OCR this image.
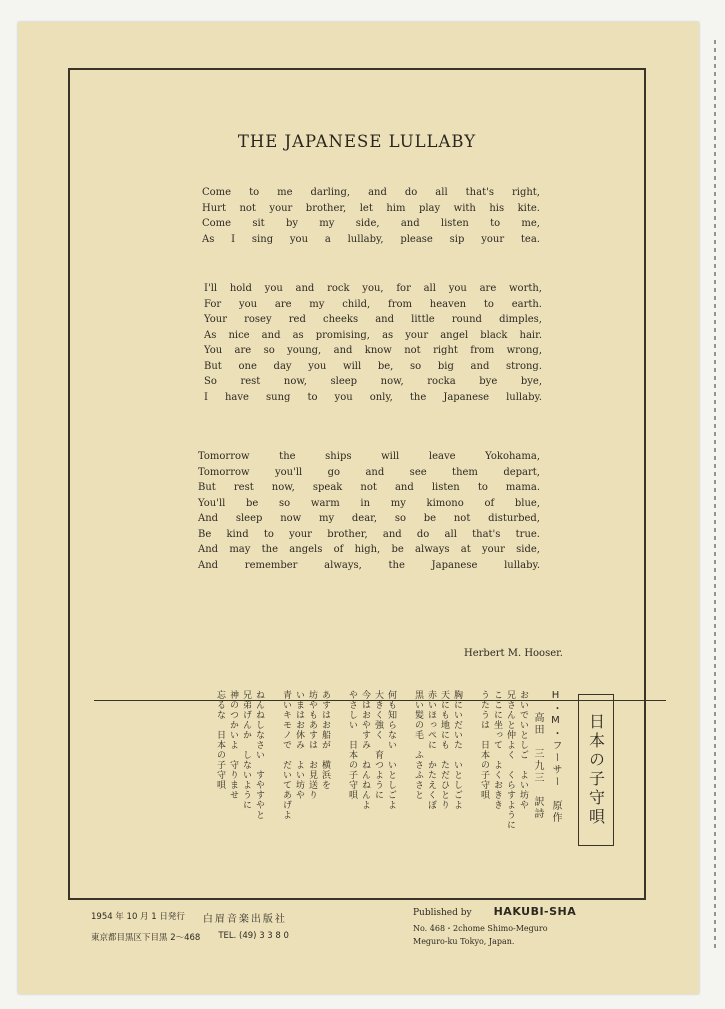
THE JAPANESE LULLABY
Come to me darling, and do all that's right,
Hurt not your brother, let him play with his kite.
Come sit by my side, and listen to me,
As I sing you a lullaby, please sip your tea.
I'll hold you and rock you, for all you are worth,
For you are my child, from heaven to earth.
Your rosey red cheeks and little round dimples,
As nice and as promising, as your angel black hair.
You are so young, and know not right from wrong,
But one day you will be, so big and strong.
So rest now, sleep now, rocka bye bye,
I have sung to you only, the Japanese lullaby.
Tomorrow the ships will leave Yokohama,
Tomorrow you'll go and see them depart,
But rest now, speak not and listen to mama.
You'll be so warm in my kimono of blue,
And sleep now my dear, so be not disturbed,
Be kind to your brother, and do all that's true.
And may the angels of high, be always at your side,
And remember always, the Japanese lullaby.
Herbert M. Hooser.
日本の子守唄
H・M・フーサー　原作
高田　三九三　訳詩
おいでいとしご　よい坊や
兄さんと仲よく　くらすように
ここに坐って　よくおきき
うたうは　日本の子守唄
胸にいだいた　いとしごよ
天にも地にも　ただひとり
赤いほっぺに　かたえくぼ
黒い髪の毛　ふさふさと
何も知らない　いとしごよ
大きく強く　育つように
今はおやすみ　ねんねんよ
やさしい　日本の子守唄
あすはお船が　横浜を
坊やもあすは　お見送り
いまはお休み　よい坊や
青いキモノで　だいてあげよ
ねんねしなさい　すやすやと
兄弟げんか　しないように
神のつかいよ　守りませ
忘るな　日本の子守唄
1954 年 10 月 1 日発行 白眉音楽出版社
東京都目黒区下目黒 2～468 TEL. (49) 3 3 8 0
Published by HAKUBI-SHA
No. 468・2chome Shimo-Meguro
Meguro-ku Tokyo, Japan.
